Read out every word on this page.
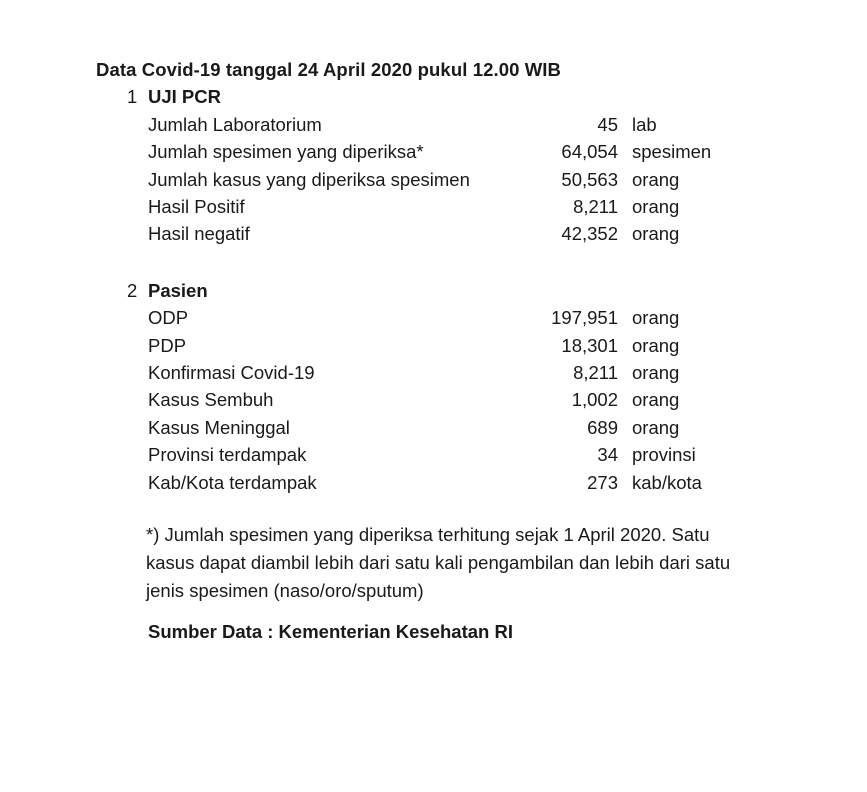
Data Covid-19 tanggal 24 April 2020 pukul 12.00 WIB
1 UJI PCR
Jumlah Laboratorium	45 lab
Jumlah spesimen yang diperiksa*	64,054 spesimen
Jumlah kasus yang diperiksa spesimen	50,563 orang
Hasil Positif	8,211 orang
Hasil negatif	42,352 orang
2 Pasien
ODP	197,951 orang
PDP	18,301 orang
Konfirmasi Covid-19	8,211 orang
Kasus Sembuh	1,002 orang
Kasus Meninggal	689 orang
Provinsi terdampak	34 provinsi
Kab/Kota terdampak	273 kab/kota
*) Jumlah spesimen yang diperiksa terhitung sejak 1 April 2020. Satu
kasus dapat diambil lebih dari satu kali pengambilan dan lebih dari satu
jenis spesimen (naso/oro/sputum)
Sumber Data : Kementerian Kesehatan RI
